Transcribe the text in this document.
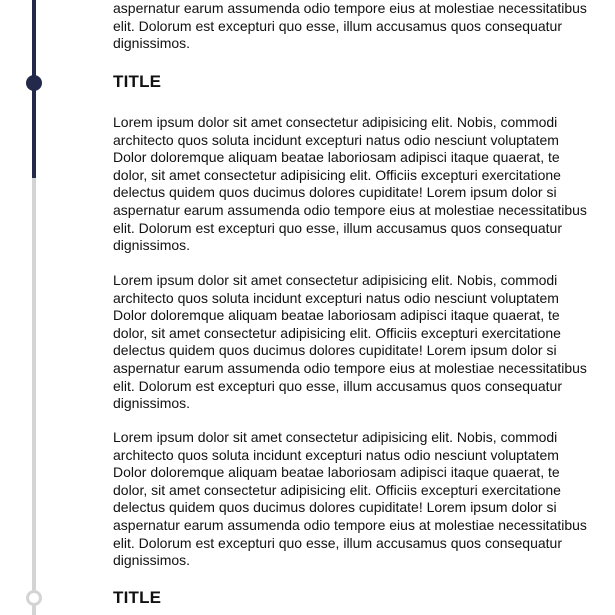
aspernatur earum assumenda odio tempore eius at molestiae necessitatibus
elit. Dolorum est excepturi quo esse, illum accusamus quos consequatur
dignissimos.
TITLE
Lorem ipsum dolor sit amet consectetur adipisicing elit. Nobis, commodi
architecto quos soluta incidunt excepturi natus odio nesciunt voluptatem
Dolor doloremque aliquam beatae laboriosam adipisci itaque quaerat, te
dolor, sit amet consectetur adipisicing elit. Officiis excepturi exercitatione
delectus quidem quos ducimus dolores cupiditate! Lorem ipsum dolor si
aspernatur earum assumenda odio tempore eius at molestiae necessitatibus
elit. Dolorum est excepturi quo esse, illum accusamus quos consequatur
dignissimos.
Lorem ipsum dolor sit amet consectetur adipisicing elit. Nobis, commodi
architecto quos soluta incidunt excepturi natus odio nesciunt voluptatem
Dolor doloremque aliquam beatae laboriosam adipisci itaque quaerat, te
dolor, sit amet consectetur adipisicing elit. Officiis excepturi exercitatione
delectus quidem quos ducimus dolores cupiditate! Lorem ipsum dolor si
aspernatur earum assumenda odio tempore eius at molestiae necessitatibus
elit. Dolorum est excepturi quo esse, illum accusamus quos consequatur
dignissimos.
Lorem ipsum dolor sit amet consectetur adipisicing elit. Nobis, commodi
architecto quos soluta incidunt excepturi natus odio nesciunt voluptatem
Dolor doloremque aliquam beatae laboriosam adipisci itaque quaerat, te
dolor, sit amet consectetur adipisicing elit. Officiis excepturi exercitatione
delectus quidem quos ducimus dolores cupiditate! Lorem ipsum dolor si
aspernatur earum assumenda odio tempore eius at molestiae necessitatibus
elit. Dolorum est excepturi quo esse, illum accusamus quos consequatur
dignissimos.
TITLE
